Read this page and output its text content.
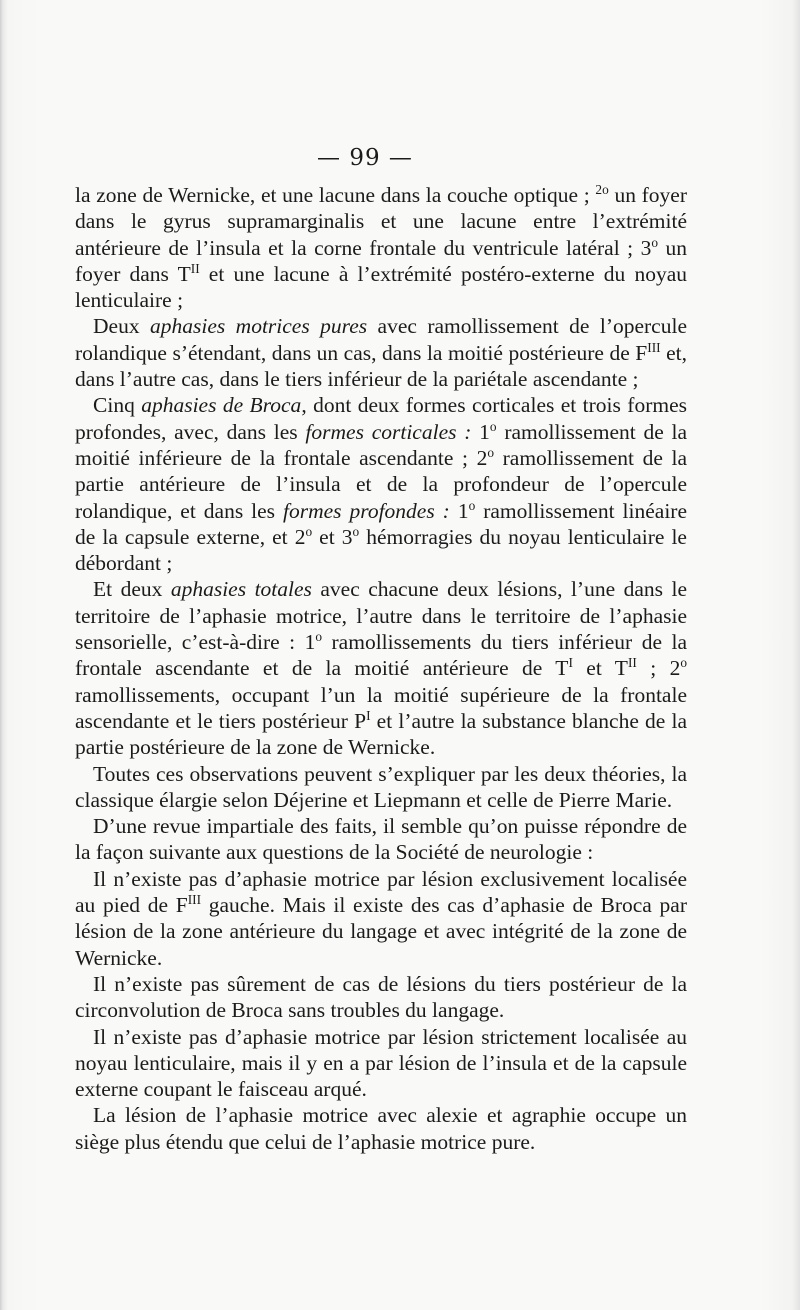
— 99 —

la zone de Wernicke, et une lacune dans la couche optique ; $^{2o}$ un foyer dans le gyrus supramarginalis et une lacune entre l’extrémité antérieure de l’insula et la corne frontale du ventricule latéral ; 3$^o$ un foyer dans $T^{II}$ et une lacune à l’extrémité postéro-externe du noyau lenticulaire ;

Deux aphasies motrices pures avec ramollissement de l’opercule rolandique s’étendant, dans un cas, dans la moitié postérieure de $F^{III}$ et, dans l’autre cas, dans le tiers inférieur de la pariétale ascendante ;

Cinq aphasies de Broca, dont deux formes corticales et trois formes profondes, avec, dans les formes corticales : 1$^o$ ramollissement de la moitié inférieure de la frontale ascendante ; 2$^o$ ramollissement de la partie antérieure de l’insula et de la profondeur de l’opercule rolandique, et dans les formes profondes : 1$^o$ ramollissement linéaire de la capsule externe, et 2$^o$ et 3$^o$ hémorragies du noyau lenticulaire le débordant ;

Et deux aphasies totales avec chacune deux lésions, l’une dans le territoire de l’aphasie motrice, l’autre dans le territoire de l’aphasie sensorielle, c’est-à-dire : 1$^o$ ramollissements du tiers inférieur de la frontale ascendante et de la moitié antérieure de $T^I$ et $T^{II}$ ; 2$^o$ ramollissements, occupant l’un la moitié supérieure de la frontale ascendante et le tiers postérieur $P^I$ et l’autre la substance blanche de la partie postérieure de la zone de Wernicke.

Toutes ces observations peuvent s’expliquer par les deux théories, la classique élargie selon Déjerine et Liepmann et celle de Pierre Marie.

D’une revue impartiale des faits, il semble qu’on puisse répondre de la façon suivante aux questions de la Société de neurologie :

Il n’existe pas d’aphasie motrice par lésion exclusivement localisée au pied de $F^{III}$ gauche. Mais il existe des cas d’aphasie de Broca par lésion de la zone antérieure du langage et avec intégrité de la zone de Wernicke.

Il n’existe pas sûrement de cas de lésions du tiers postérieur de la circonvolution de Broca sans troubles du langage.

Il n’existe pas d’aphasie motrice par lésion strictement localisée au noyau lenticulaire, mais il y en a par lésion de l’insula et de la capsule externe coupant le faisceau arqué.

La lésion de l’aphasie motrice avec alexie et agraphie occupe un siège plus étendu que celui de l’aphasie motrice pure.
